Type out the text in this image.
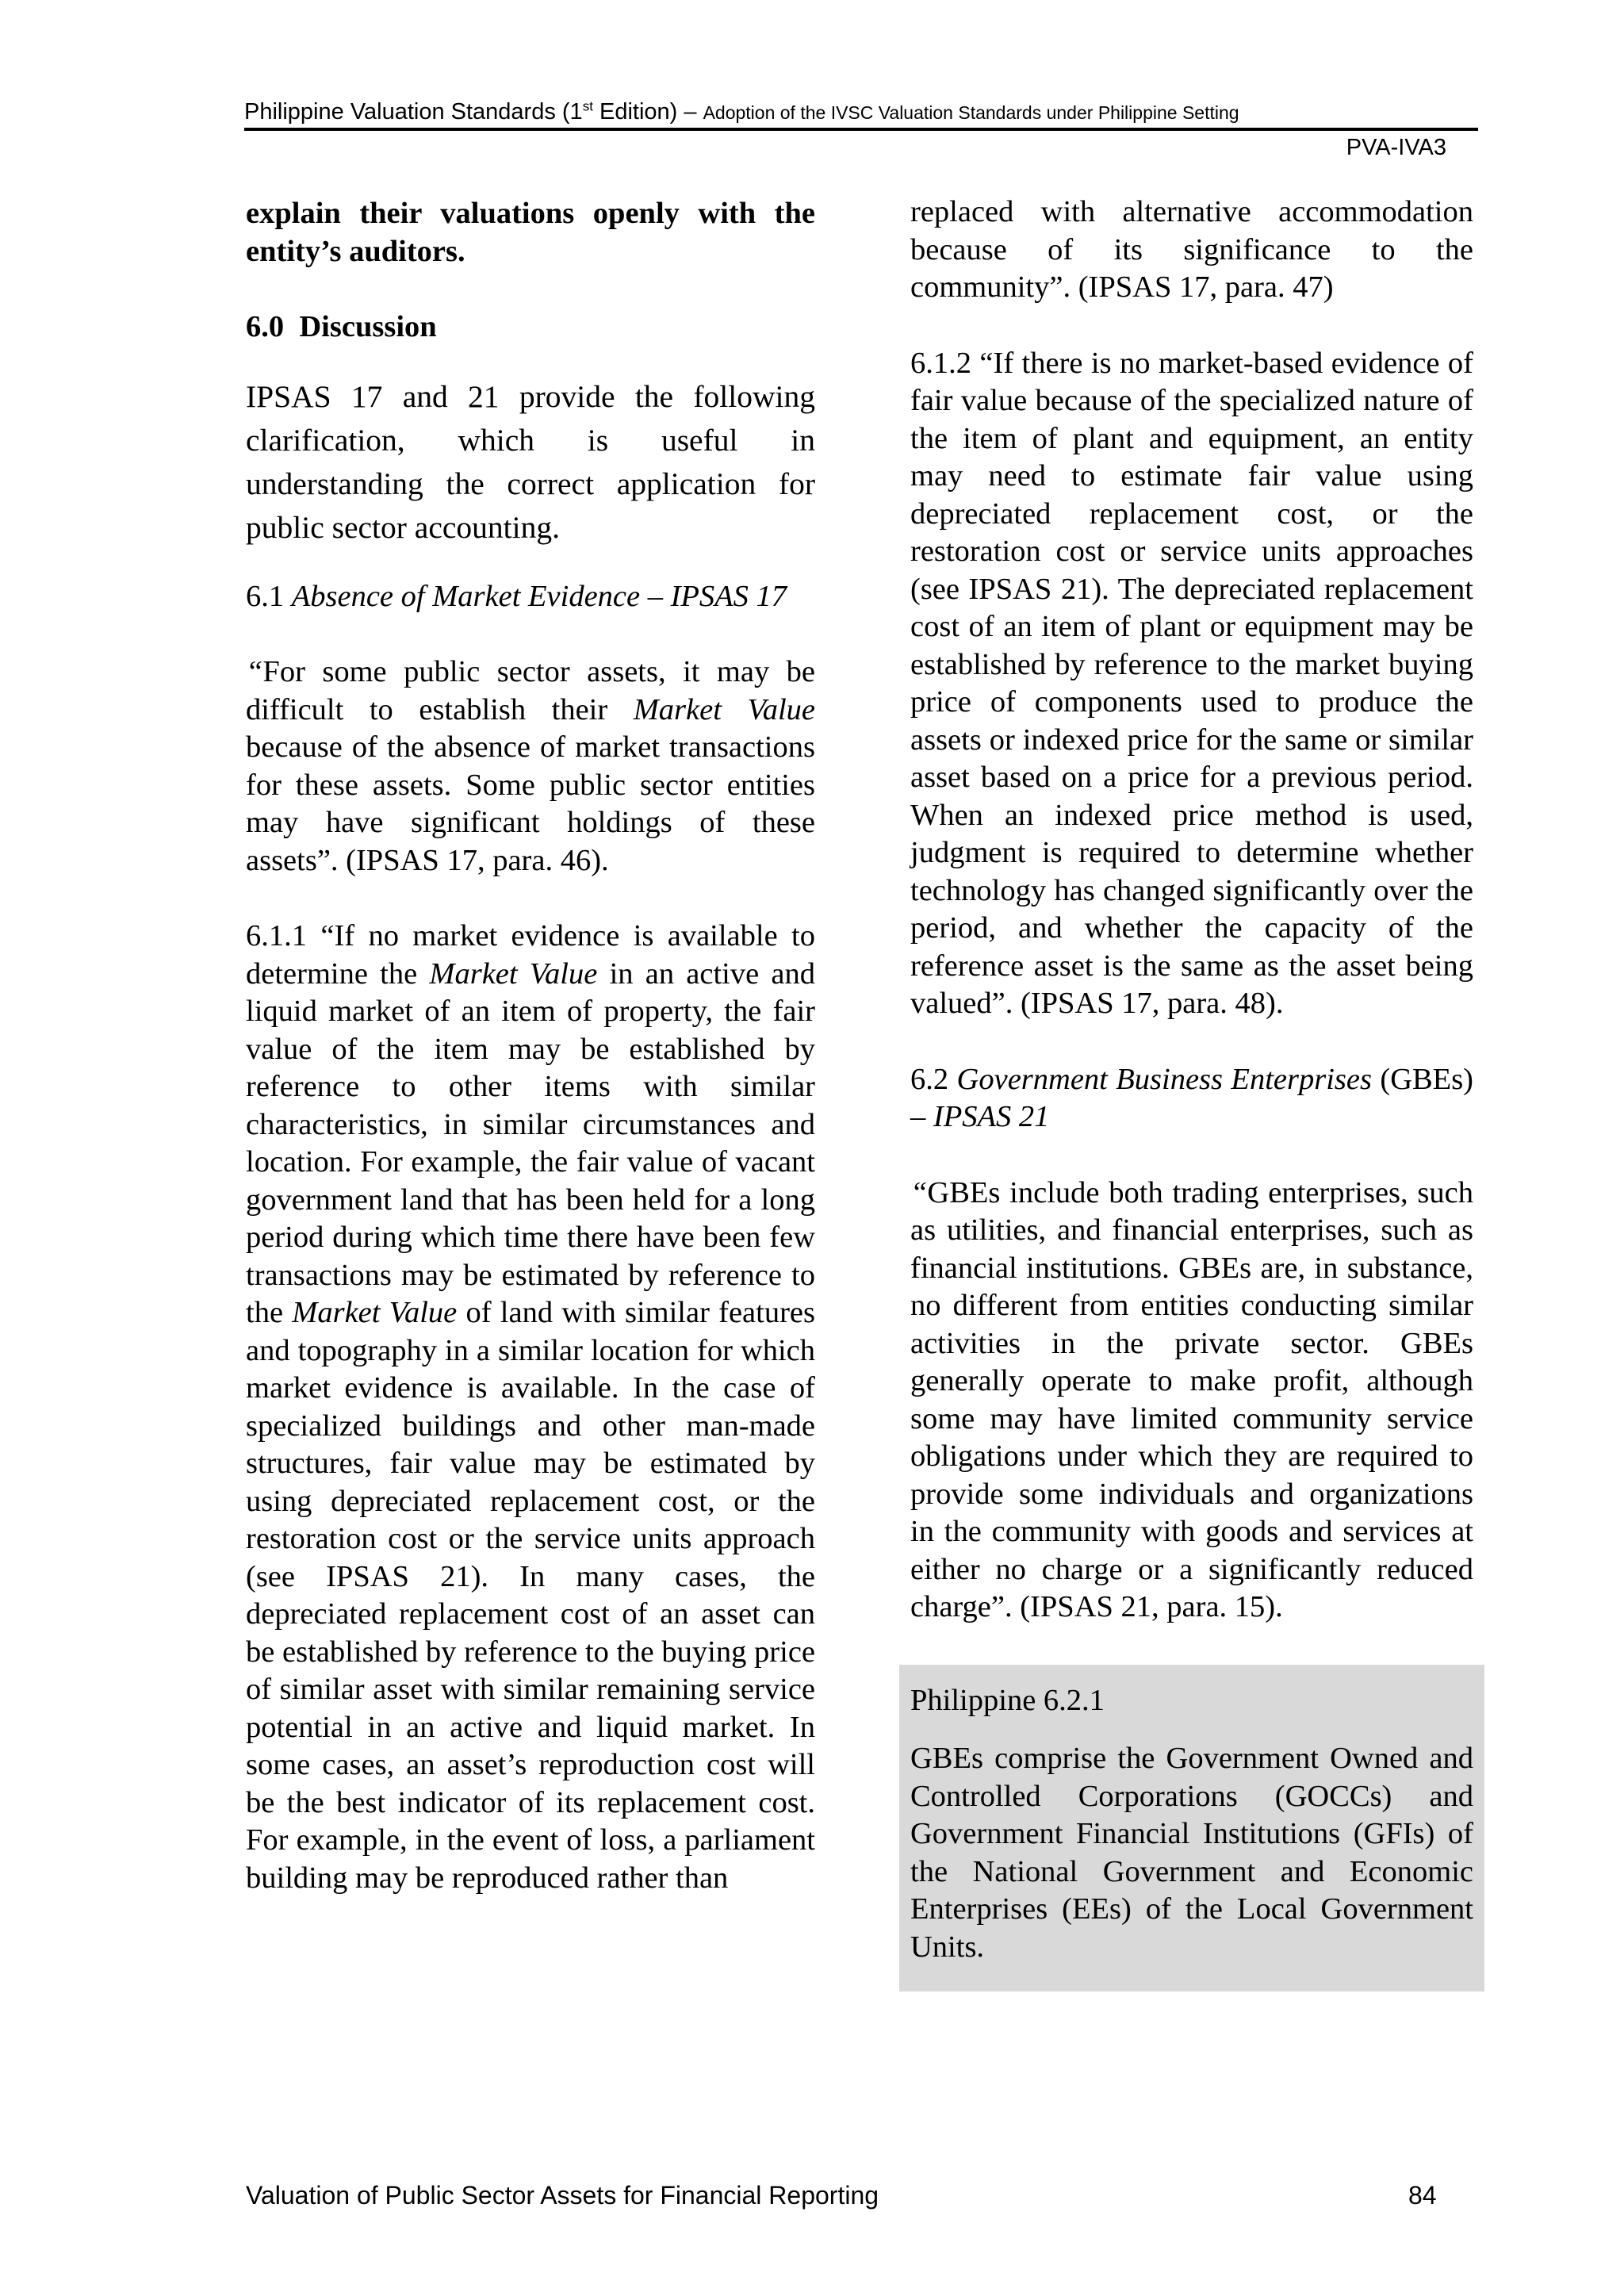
Philippine Valuation Standards (1st Edition) – Adoption of the IVSC Valuation Standards under Philippine Setting
PVA-IVA3

explain their valuations openly with the entity’s auditors.

6.0  Discussion

IPSAS 17 and 21 provide the following clarification, which is useful in understanding the correct application for public sector accounting.

6.1 Absence of Market Evidence – IPSAS 17

“For some public sector assets, it may be difficult to establish their Market Value because of the absence of market transactions for these assets. Some public sector entities may have significant holdings of these assets”. (IPSAS 17, para. 46).

6.1.1 “If no market evidence is available to determine the Market Value in an active and liquid market of an item of property, the fair value of the item may be established by reference to other items with similar characteristics, in similar circumstances and location. For example, the fair value of vacant government land that has been held for a long period during which time there have been few transactions may be estimated by reference to the Market Value of land with similar features and topography in a similar location for which market evidence is available. In the case of specialized buildings and other man-made structures, fair value may be estimated by using depreciated replacement cost, or the restoration cost or the service units approach (see IPSAS 21). In many cases, the depreciated replacement cost of an asset can be established by reference to the buying price of similar asset with similar remaining service potential in an active and liquid market. In some cases, an asset’s reproduction cost will be the best indicator of its replacement cost. For example, in the event of loss, a parliament building may be reproduced rather than

replaced with alternative accommodation because of its significance to the community”. (IPSAS 17, para. 47)

6.1.2 “If there is no market-based evidence of fair value because of the specialized nature of the item of plant and equipment, an entity may need to estimate fair value using depreciated replacement cost, or the restoration cost or service units approaches (see IPSAS 21). The depreciated replacement cost of an item of plant or equipment may be established by reference to the market buying price of components used to produce the assets or indexed price for the same or similar asset based on a price for a previous period. When an indexed price method is used, judgment is required to determine whether technology has changed significantly over the period, and whether the capacity of the reference asset is the same as the asset being valued”. (IPSAS 17, para. 48).

6.2 Government Business Enterprises (GBEs) – IPSAS 21

“GBEs include both trading enterprises, such as utilities, and financial enterprises, such as financial institutions. GBEs are, in substance, no different from entities conducting similar activities in the private sector. GBEs generally operate to make profit, although some may have limited community service obligations under which they are required to provide some individuals and organizations in the community with goods and services at either no charge or a significantly reduced charge”. (IPSAS 21, para. 15).

Philippine 6.2.1

GBEs comprise the Government Owned and Controlled Corporations (GOCCs) and Government Financial Institutions (GFIs) of the National Government and Economic Enterprises (EEs) of the Local Government Units.

Valuation of Public Sector Assets for Financial Reporting	84
